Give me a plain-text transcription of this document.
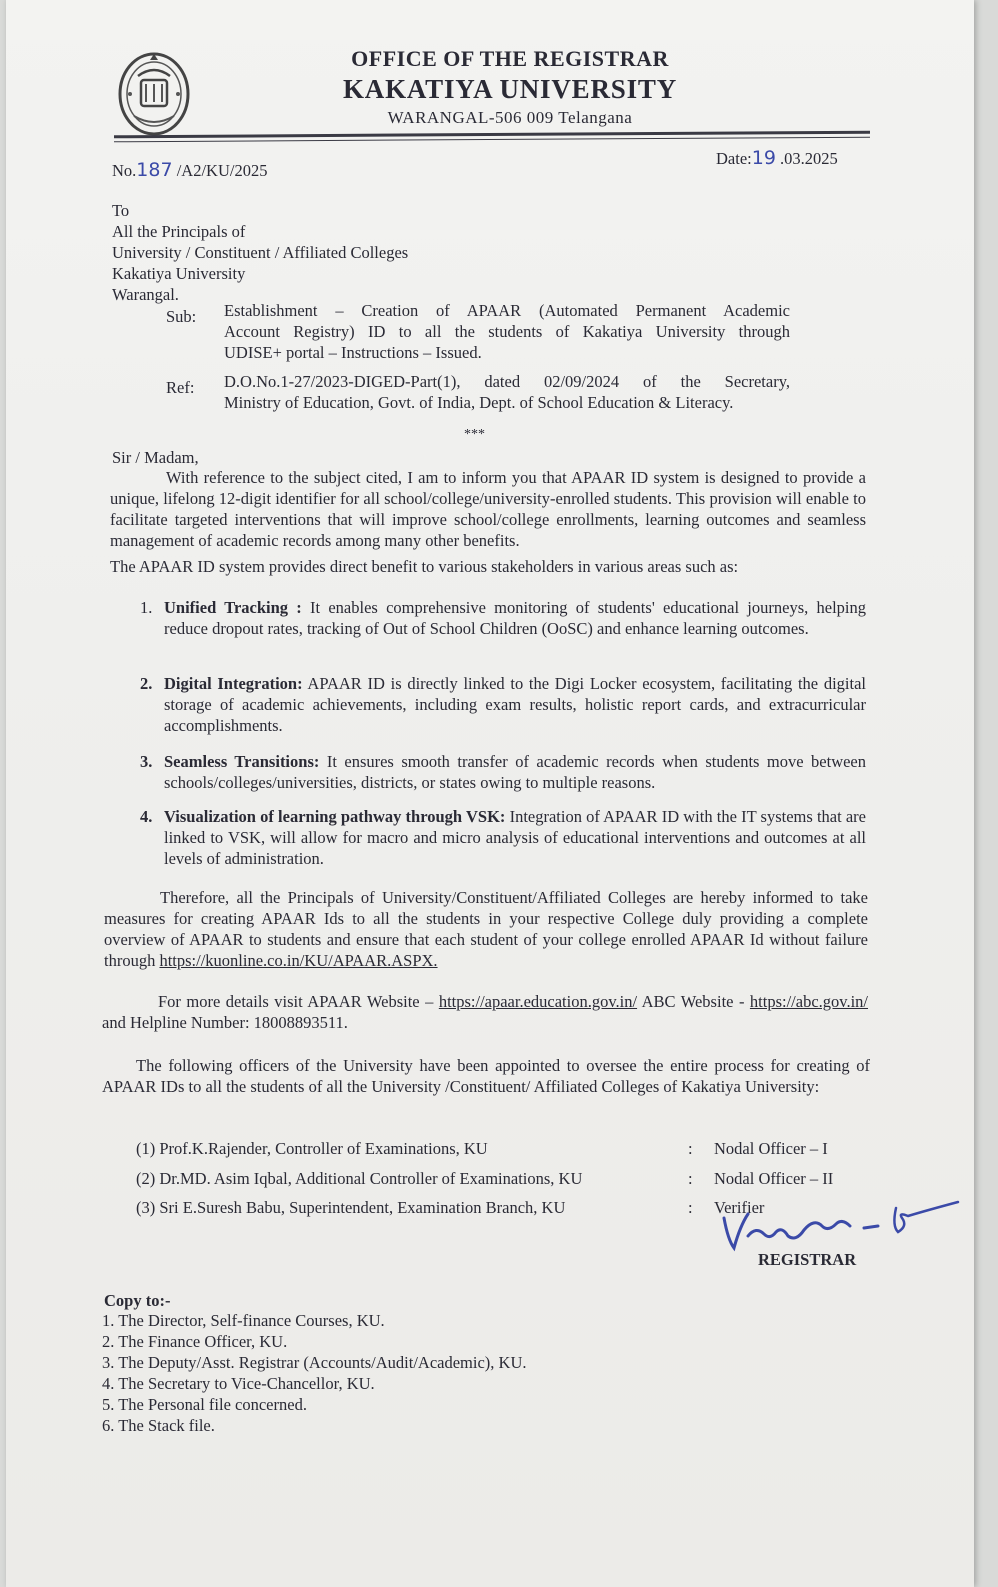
OFFICE OF THE REGISTRAR
KAKATIYA UNIVERSITY
WARANGAL-506 009 Telangana
No.187 /A2/KU/2025
Date:19 .03.2025
To
All the Principals of
University / Constituent / Affiliated Colleges
Kakatiya University
Warangal.
Sub: Establishment – Creation of APAAR (Automated Permanent Academic
Account Registry) ID to all the students of Kakatiya University through
UDISE+ portal – Instructions – Issued.
Ref: D.O.No.1-27/2023-DIGED-Part(1), dated 02/09/2024 of the Secretary,
Ministry of Education, Govt. of India, Dept. of School Education & Literacy.
***
Sir / Madam,
With reference to the subject cited, I am to inform you that APAAR ID system is designed to provide a unique, lifelong 12-digit identifier for all school/college/university-enrolled students. This provision will enable to facilitate targeted interventions that will improve school/college enrollments, learning outcomes and seamless management of academic records among many other benefits.
The APAAR ID system provides direct benefit to various stakeholders in various areas such as:
1. Unified Tracking : It enables comprehensive monitoring of students' educational journeys, helping reduce dropout rates, tracking of Out of School Children (OoSC) and enhance learning outcomes.
2. Digital Integration: APAAR ID is directly linked to the Digi Locker ecosystem, facilitating the digital storage of academic achievements, including exam results, holistic report cards, and extracurricular accomplishments.
3. Seamless Transitions: It ensures smooth transfer of academic records when students move between schools/colleges/universities, districts, or states owing to multiple reasons.
4. Visualization of learning pathway through VSK: Integration of APAAR ID with the IT systems that are linked to VSK, will allow for macro and micro analysis of educational interventions and outcomes at all levels of administration.
Therefore, all the Principals of University/Constituent/Affiliated Colleges are hereby informed to take measures for creating APAAR Ids to all the students in your respective College duly providing a complete overview of APAAR to students and ensure that each student of your college enrolled APAAR Id without failure through https://kuonline.co.in/KU/APAAR.ASPX.
For more details visit APAAR Website – https://apaar.education.gov.in/ ABC Website - https://abc.gov.in/ and Helpline Number: 18008893511.
The following officers of the University have been appointed to oversee the entire process for creating of APAAR IDs to all the students of all the University /Constituent/ Affiliated Colleges of Kakatiya University:
(1) Prof.K.Rajender, Controller of Examinations, KU	: Nodal Officer – I
(2) Dr.MD. Asim Iqbal, Additional Controller of Examinations, KU	: Nodal Officer – II
(3) Sri E.Suresh Babu, Superintendent, Examination Branch, KU	: Verifier
REGISTRAR
Copy to:-
1. The Director, Self-finance Courses, KU.
2. The Finance Officer, KU.
3. The Deputy/Asst. Registrar (Accounts/Audit/Academic), KU.
4. The Secretary to Vice-Chancellor, KU.
5. The Personal file concerned.
6. The Stack file.
